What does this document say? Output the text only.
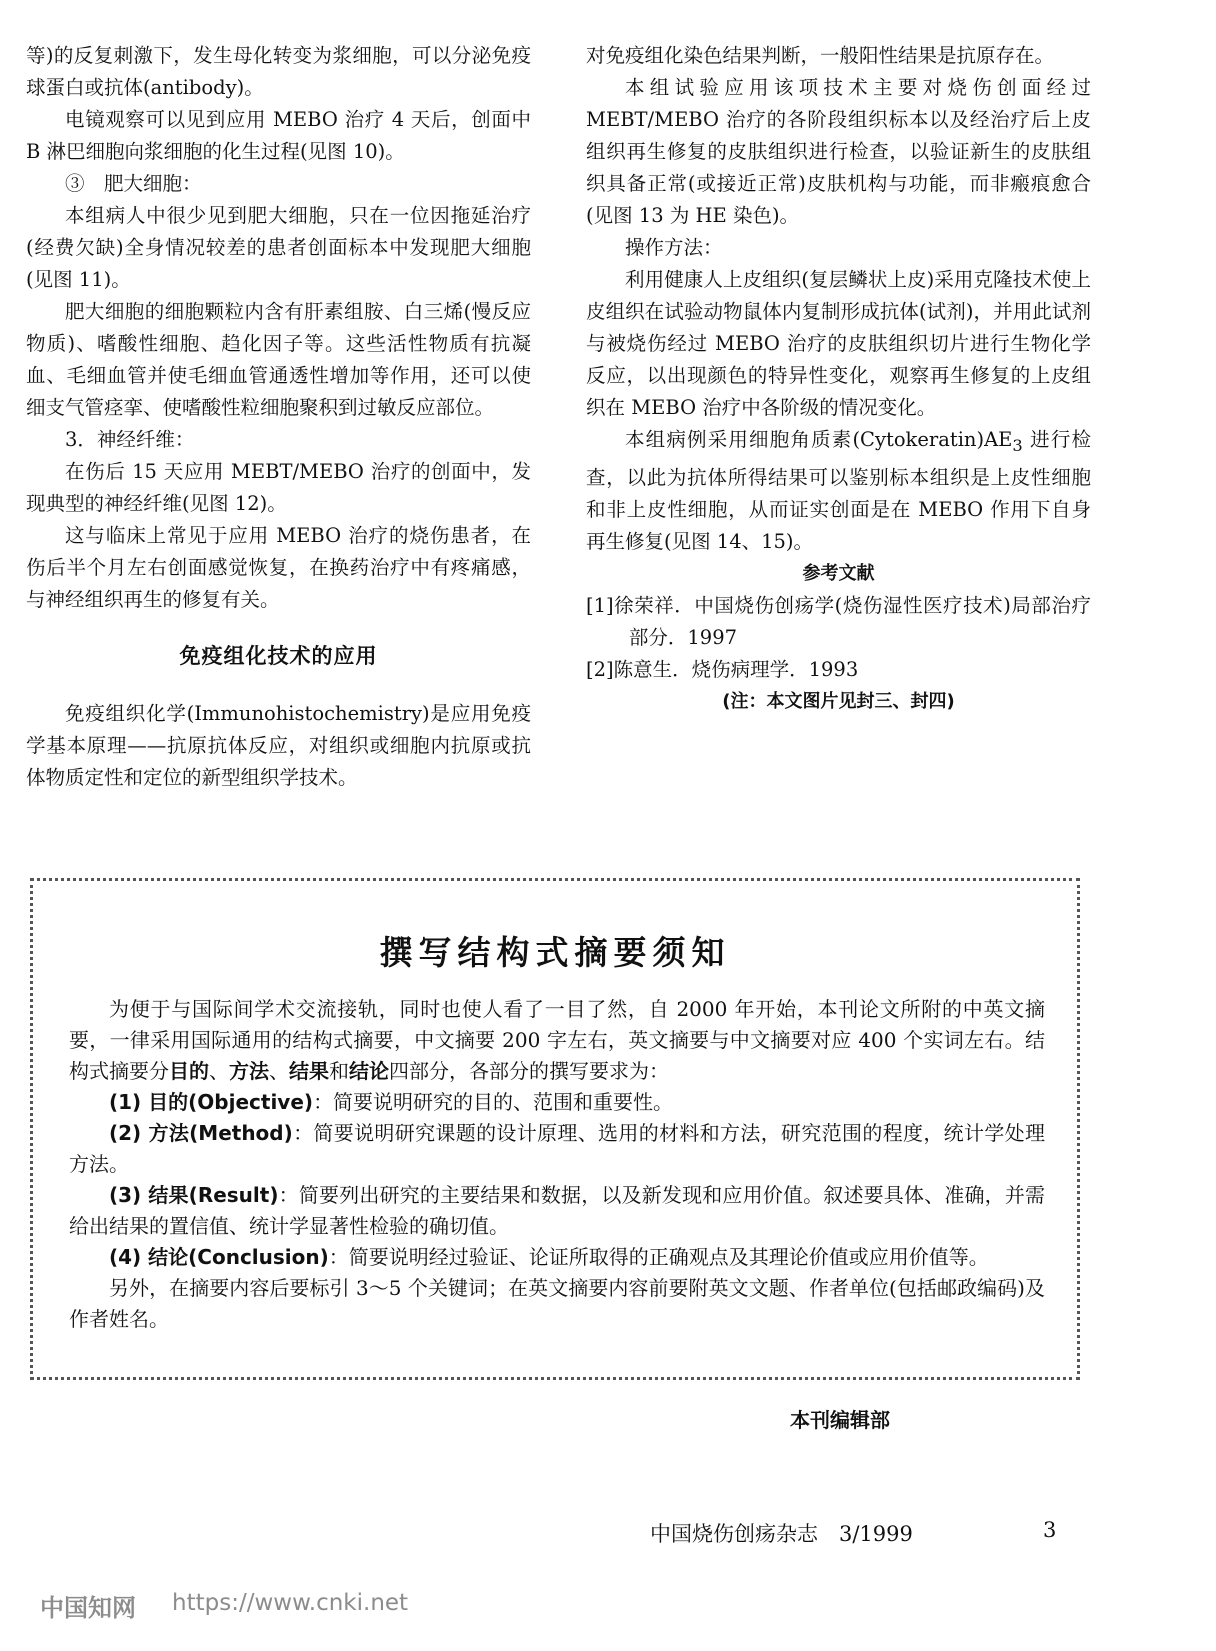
等)的反复刺激下，发生母化转变为浆细胞，可以分泌免疫球蛋白或抗体(antibody)。

电镜观察可以见到应用 MEBO 治疗 4 天后，创面中 B 淋巴细胞向浆细胞的化生过程(见图 10)。

③　肥大细胞：

本组病人中很少见到肥大细胞，只在一位因拖延治疗(经费欠缺)全身情况较差的患者创面标本中发现肥大细胞(见图 11)。

肥大细胞的细胞颗粒内含有肝素组胺、白三烯(慢反应物质)、嗜酸性细胞、趋化因子等。这些活性物质有抗凝血、毛细血管并使毛细血管通透性增加等作用，还可以使细支气管痉挛、使嗜酸性粒细胞聚积到过敏反应部位。

3．神经纤维：

在伤后 15 天应用 MEBT/MEBO 治疗的创面中，发现典型的神经纤维(见图 12)。

这与临床上常见于应用 MEBO 治疗的烧伤患者，在伤后半个月左右创面感觉恢复，在换药治疗中有疼痛感，与神经组织再生的修复有关。

免疫组化技术的应用

免疫组织化学(Immunohistochemistry)是应用免疫学基本原理——抗原抗体反应，对组织或细胞内抗原或抗体物质定性和定位的新型组织学技术。

对免疫组化染色结果判断，一般阳性结果是抗原存在。

本组试验应用该项技术主要对烧伤创面经过 MEBT/MEBO 治疗的各阶段组织标本以及经治疗后上皮组织再生修复的皮肤组织进行检查，以验证新生的皮肤组织具备正常(或接近正常)皮肤机构与功能，而非瘢痕愈合(见图 13 为 HE 染色)。

操作方法：

利用健康人上皮组织(复层鳞状上皮)采用克隆技术使上皮组织在试验动物鼠体内复制形成抗体(试剂)，并用此试剂与被烧伤经过 MEBO 治疗的皮肤组织切片进行生物化学反应，以出现颜色的特异性变化，观察再生修复的上皮组织在 MEBO 治疗中各阶级的情况变化。

本组病例采用细胞角质素$(Cytokeratin)AE_3$ 进行检查，以此为抗体所得结果可以鉴别标本组织是上皮性细胞和非上皮性细胞，从而证实创面是在 MEBO 作用下自身再生修复(见图 14、15)。

参考文献

[1]徐荣祥．中国烧伤创疡学(烧伤湿性医疗技术)局部治疗部分．1997

[2]陈意生．烧伤病理学．1993

(注：本文图片见封三、封四)

撰写结构式摘要须知

为便于与国际间学术交流接轨，同时也使人看了一目了然，自 2000 年开始，本刊论文所附的中英文摘要，一律采用国际通用的结构式摘要，中文摘要 200 字左右，英文摘要与中文摘要对应 400 个实词左右。结构式摘要分目的、方法、结果和结论四部分，各部分的撰写要求为：

(1) 目的(Objective)：简要说明研究的目的、范围和重要性。

(2) 方法(Method)：简要说明研究课题的设计原理、选用的材料和方法，研究范围的程度，统计学处理方法。

(3) 结果(Result)：简要列出研究的主要结果和数据，以及新发现和应用价值。叙述要具体、准确，并需给出结果的置信值、统计学显著性检验的确切值。

(4) 结论(Conclusion)：简要说明经过验证、论证所取得的正确观点及其理论价值或应用价值等。

另外，在摘要内容后要标引 3～5 个关键词；在英文摘要内容前要附英文文题、作者单位(包括邮政编码)及作者姓名。

本刊编辑部
中国烧伤创疡杂志　3/1999	3
中国知网 https://www.cnki.net
